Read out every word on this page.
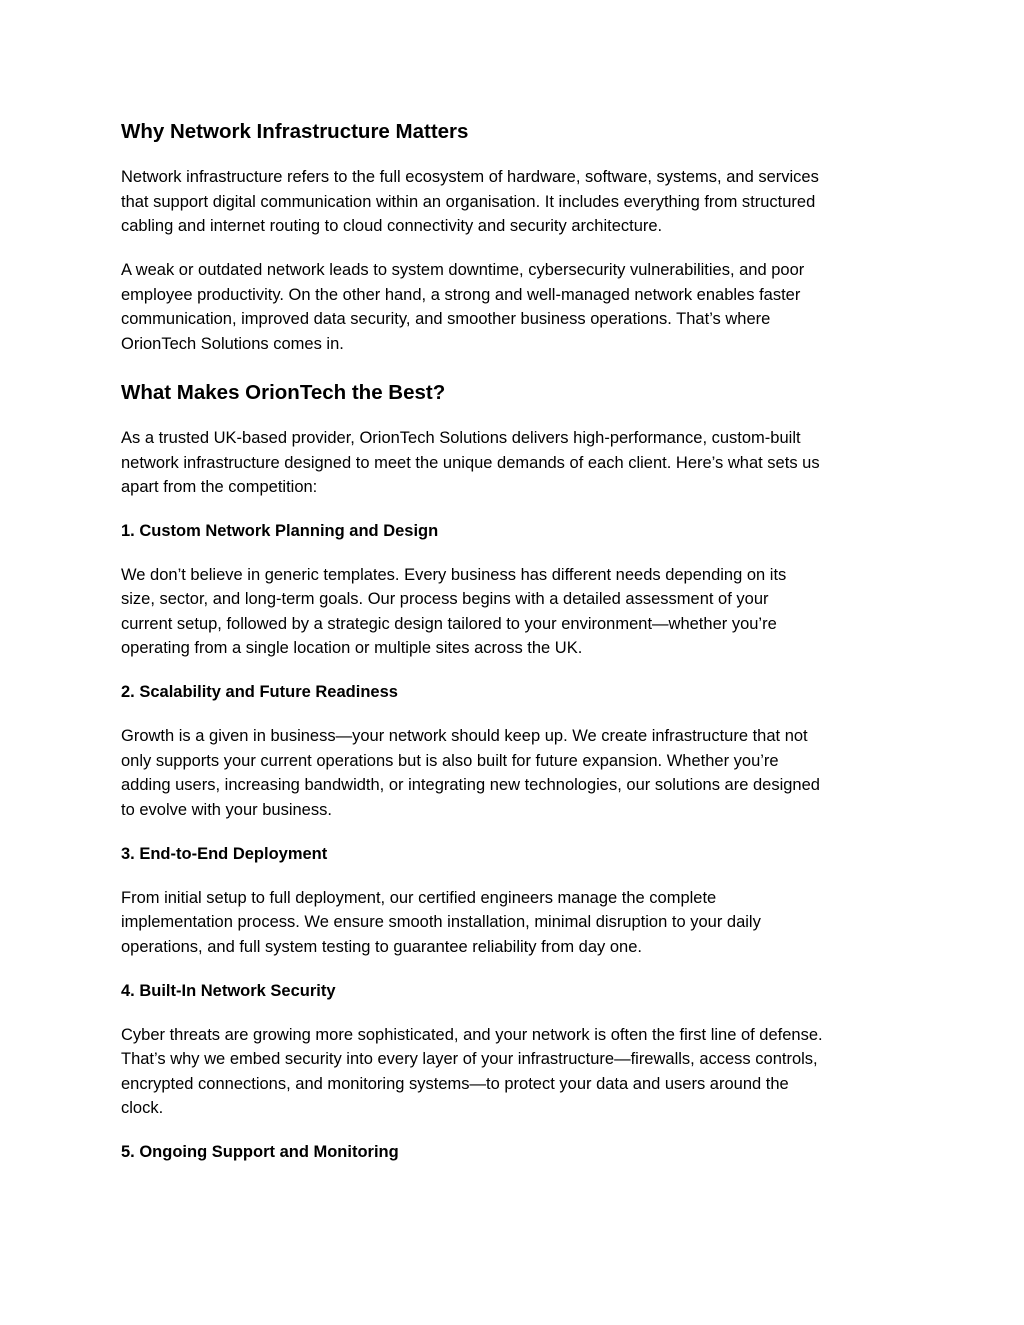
Why Network Infrastructure Matters
Network infrastructure refers to the full ecosystem of hardware, software, systems, and services
that support digital communication within an organisation. It includes everything from structured
cabling and internet routing to cloud connectivity and security architecture.
A weak or outdated network leads to system downtime, cybersecurity vulnerabilities, and poor
employee productivity. On the other hand, a strong and well-managed network enables faster
communication, improved data security, and smoother business operations. That’s where
OrionTech Solutions comes in.
What Makes OrionTech the Best?
As a trusted UK-based provider, OrionTech Solutions delivers high-performance, custom-built
network infrastructure designed to meet the unique demands of each client. Here’s what sets us
apart from the competition:
1. Custom Network Planning and Design
We don’t believe in generic templates. Every business has different needs depending on its
size, sector, and long-term goals. Our process begins with a detailed assessment of your
current setup, followed by a strategic design tailored to your environment—whether you’re
operating from a single location or multiple sites across the UK.
2. Scalability and Future Readiness
Growth is a given in business—your network should keep up. We create infrastructure that not
only supports your current operations but is also built for future expansion. Whether you’re
adding users, increasing bandwidth, or integrating new technologies, our solutions are designed
to evolve with your business.
3. End-to-End Deployment
From initial setup to full deployment, our certified engineers manage the complete
implementation process. We ensure smooth installation, minimal disruption to your daily
operations, and full system testing to guarantee reliability from day one.
4. Built-In Network Security
Cyber threats are growing more sophisticated, and your network is often the first line of defense.
That’s why we embed security into every layer of your infrastructure—firewalls, access controls,
encrypted connections, and monitoring systems—to protect your data and users around the
clock.
5. Ongoing Support and Monitoring
